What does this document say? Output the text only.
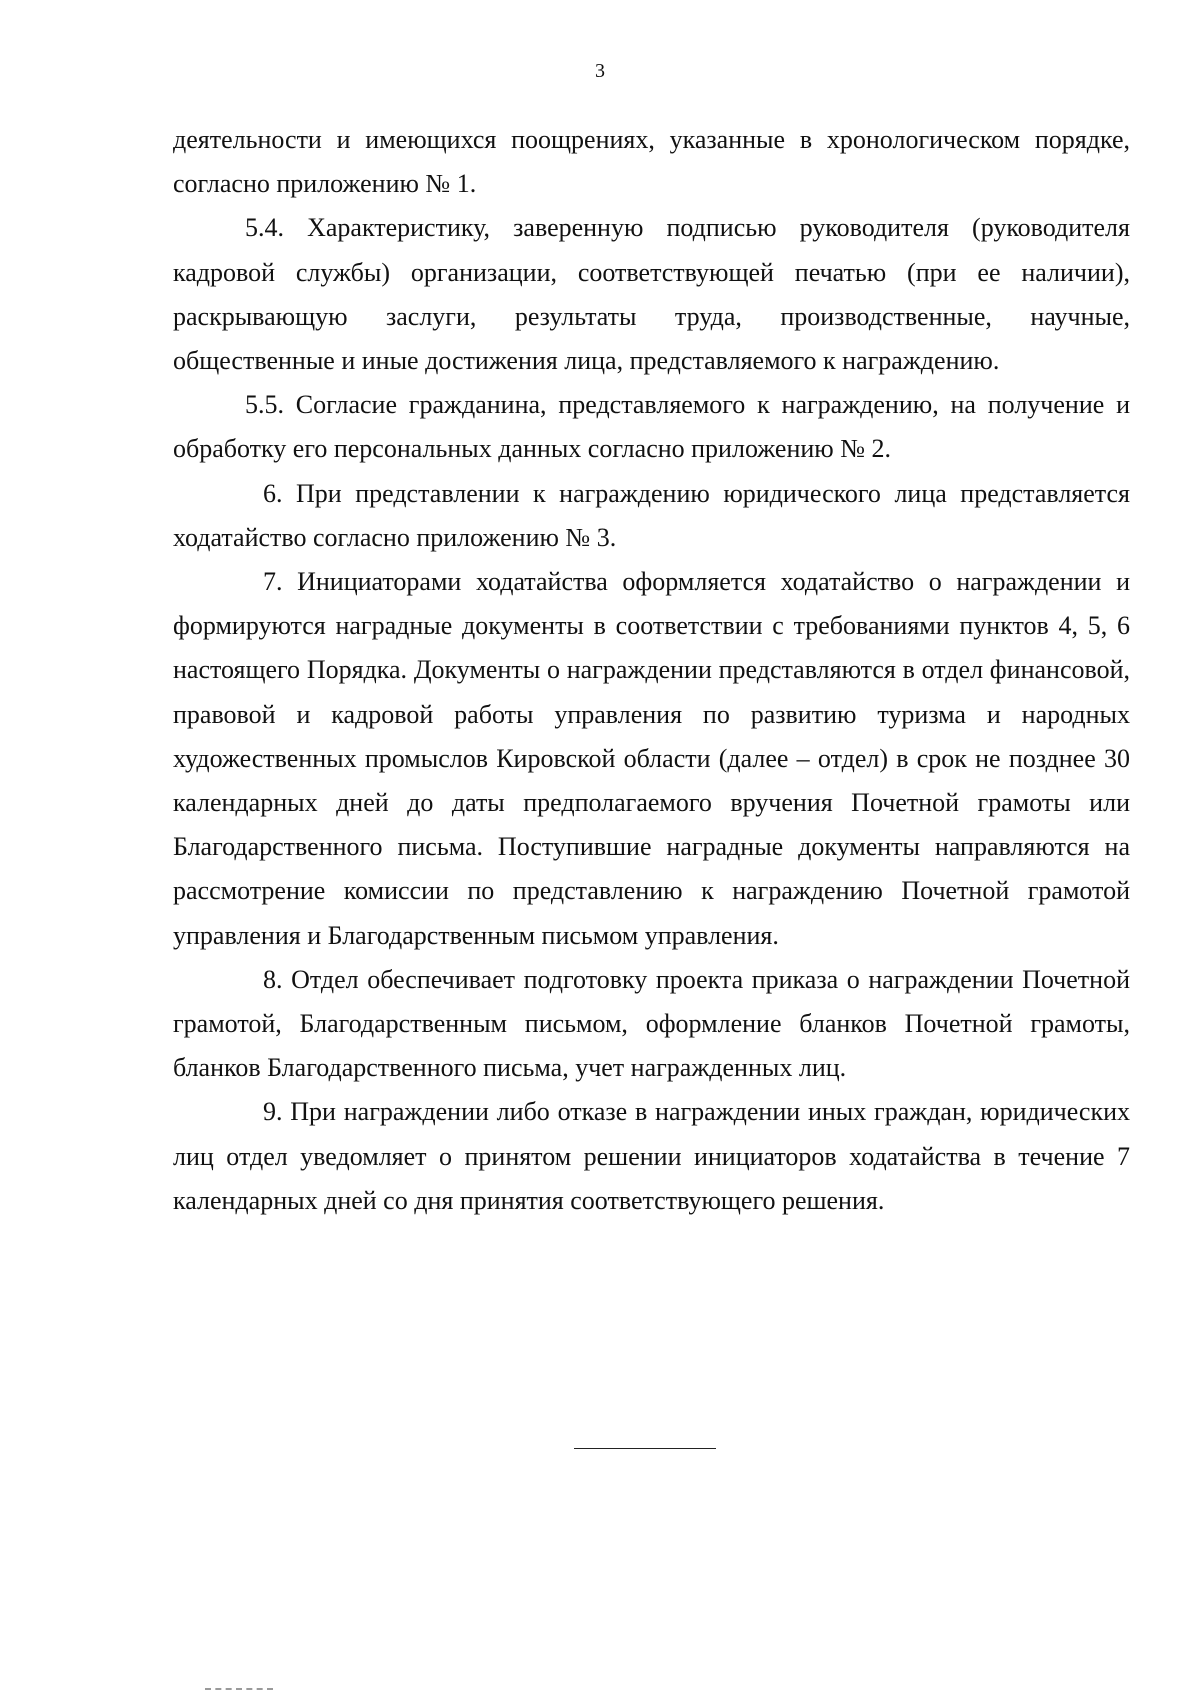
3

деятельности и имеющихся поощрениях, указанные в хронологическом порядке, согласно приложению № 1.

5.4. Характеристику, заверенную подписью руководителя (руководителя кадровой службы) организации, соответствующей печатью (при ее наличии), раскрывающую заслуги, результаты труда, производственные, научные, общественные и иные достижения лица, представляемого к награждению.

5.5. Согласие гражданина, представляемого к награждению, на получение и обработку его персональных данных согласно приложению № 2.

6. При представлении к награждению юридического лица представляется ходатайство согласно приложению № 3.

7. Инициаторами ходатайства оформляется ходатайство о награждении и формируются наградные документы в соответствии с требованиями пунктов 4, 5, 6 настоящего Порядка. Документы о награждении представляются в отдел финансовой, правовой и кадровой работы управления по развитию туризма и народных художественных промыслов Кировской области (далее – отдел) в срок не позднее 30 календарных дней до даты предполагаемого вручения Почетной грамоты или Благодарственного письма. Поступившие наградные документы направляются на рассмотрение комиссии по представлению к награждению Почетной грамотой управления и Благодарственным письмом управления.

8. Отдел обеспечивает подготовку проекта приказа о награждении Почетной грамотой, Благодарственным письмом, оформление бланков Почетной грамоты, бланков Благодарственного письма, учет награжденных лиц.

9. При награждении либо отказе в награждении иных граждан, юридических лиц отдел уведомляет о принятом решении инициаторов ходатайства в течение 7 календарных дней со дня принятия соответствующего решения.
